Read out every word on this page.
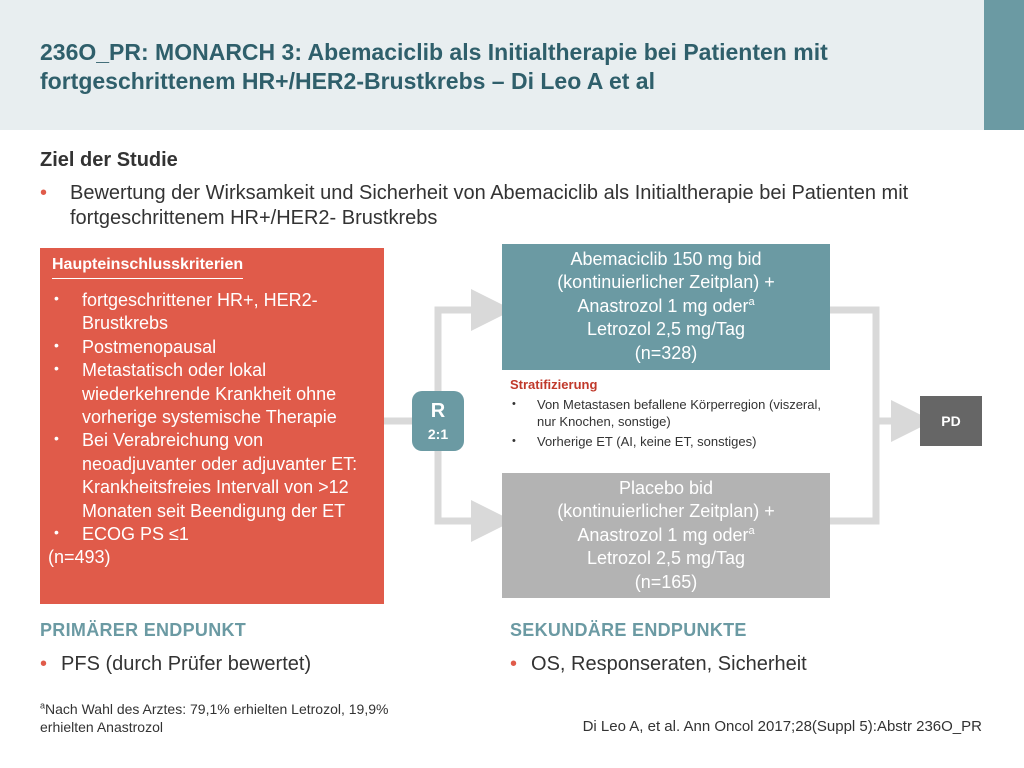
236O_PR: MONARCH 3: Abemaciclib als Initialtherapie bei Patienten mit fortgeschrittenem HR+/HER2-Brustkrebs – Di Leo A et al
Ziel der Studie
•	Bewertung der Wirksamkeit und Sicherheit von Abemaciclib als Initialtherapie bei Patienten mit fortgeschrittenem HR+/HER2- Brustkrebs
Haupteinschlusskriterien
• fortgeschrittener HR+, HER2-Brustkrebs
• Postmenopausal
• Metastatisch oder lokal wiederkehrende Krankheit ohne vorherige systemische Therapie
• Bei Verabreichung von neoadjuvanter oder adjuvanter ET: Krankheitsfreies Intervall von >12 Monaten seit Beendigung der ET
• ECOG PS ≤1
(n=493)
R
2:1
Abemaciclib 150 mg bid
(kontinuierlicher Zeitplan) +
Anastrozol 1 mg oder$^a$
Letrozol 2,5 mg/Tag
(n=328)
Stratifizierung
• Von Metastasen befallene Körperregion (viszeral, nur Knochen, sonstige)
• Vorherige ET (AI, keine ET, sonstiges)
Placebo bid
(kontinuierlicher Zeitplan) +
Anastrozol 1 mg oder$^a$
Letrozol 2,5 mg/Tag
(n=165)
PD
PRIMÄRER ENDPUNKT
• PFS (durch Prüfer bewertet)
SEKUNDÄRE ENDPUNKTE
• OS, Responseraten, Sicherheit
$^a$Nach Wahl des Arztes: 79,1% erhielten Letrozol, 19,9% erhielten Anastrozol	Di Leo A, et al. Ann Oncol 2017;28(Suppl 5):Abstr 236O_PR
